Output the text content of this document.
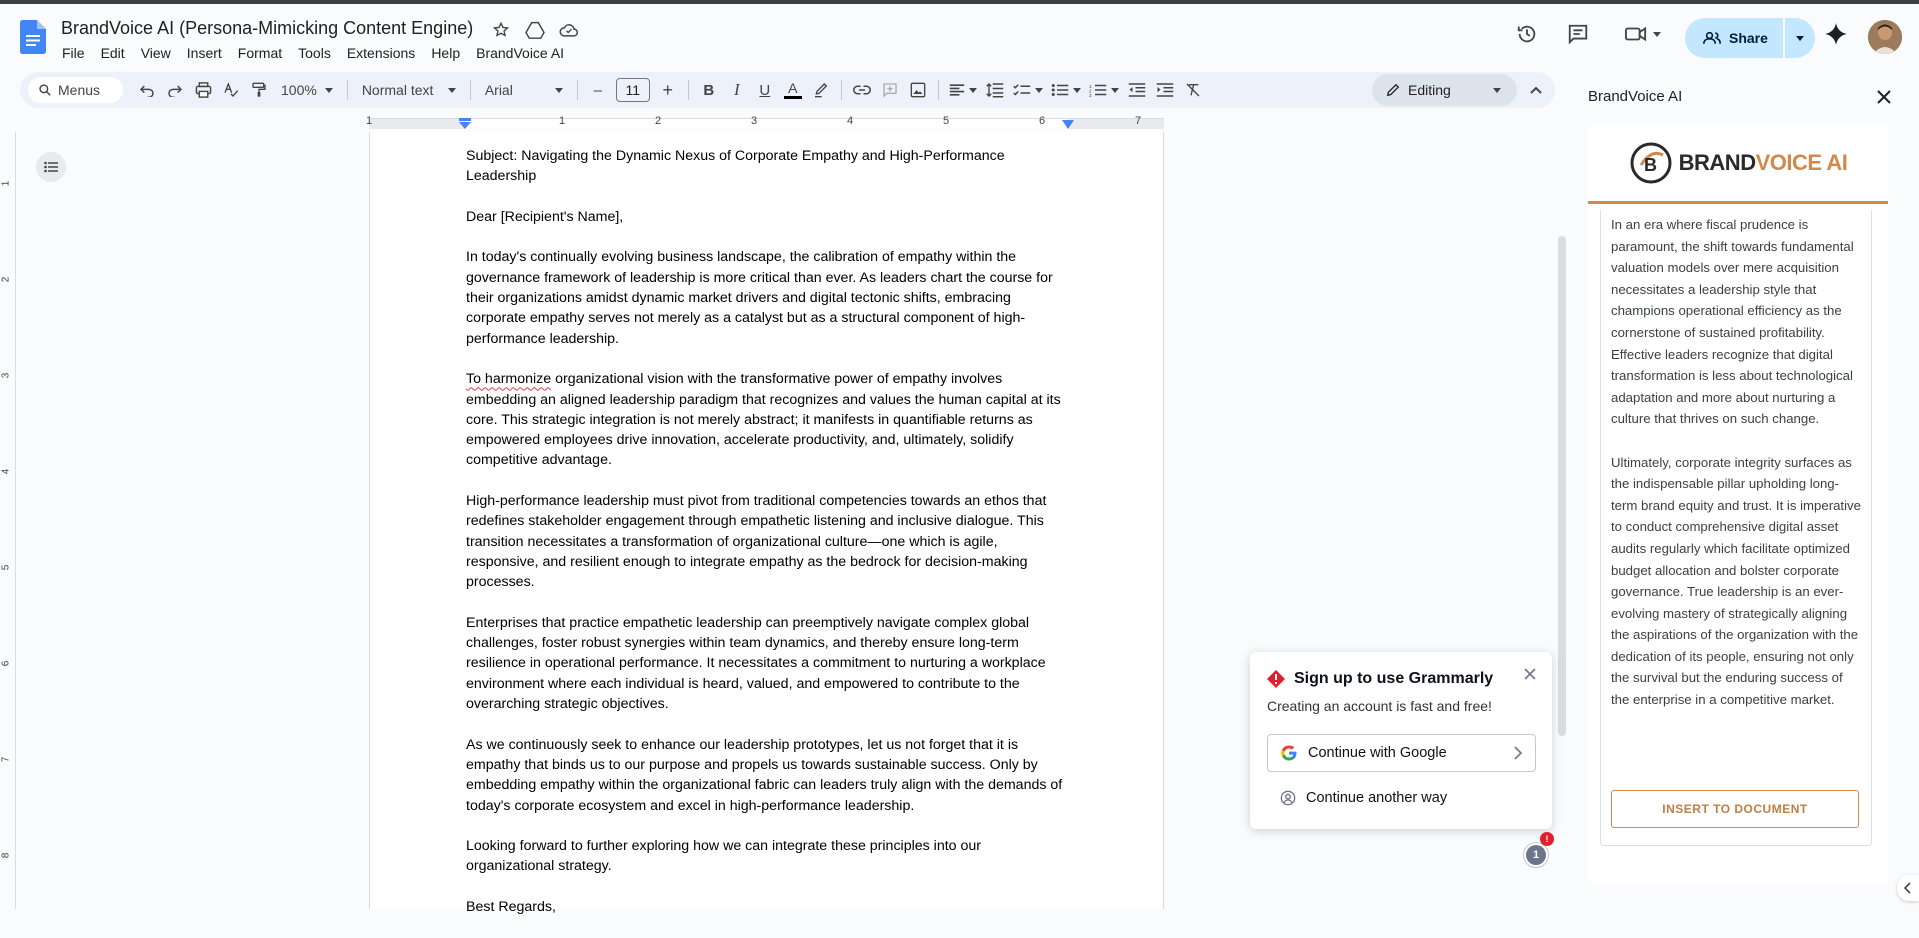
BrandVoice AI (Persona-Mimicking Content Engine)
File	Edit	View	Insert	Format	Tools	Extensions	Help	BrandVoice AI
Share
Menus	100%	Normal text	Arial	–	11	+	B	I	U	A	1
2
3	Editing
1	1	2	3	4	5	6	7
1
2
3
4
5
6
7
8

Subject: Navigating the Dynamic Nexus of Corporate Empathy and High-Performance Leadership

Dear [Recipient's Name],

In today's continually evolving business landscape, the calibration of empathy within the governance framework of leadership is more critical than ever. As leaders chart the course for their organizations amidst dynamic market drivers and digital tectonic shifts, embracing corporate empathy serves not merely as a catalyst but as a structural component of high-performance leadership.

To harmonize organizational vision with the transformative power of empathy involves embedding an aligned leadership paradigm that recognizes and values the human capital at its core. This strategic integration is not merely abstract; it manifests in quantifiable returns as empowered employees drive innovation, accelerate productivity, and, ultimately, solidify competitive advantage.

High-performance leadership must pivot from traditional competencies towards an ethos that redefines stakeholder engagement through empathetic listening and inclusive dialogue. This transition necessitates a transformation of organizational culture—one which is agile, responsive, and resilient enough to integrate empathy as the bedrock for decision-making processes.

Enterprises that practice empathetic leadership can preemptively navigate complex global challenges, foster robust synergies within team dynamics, and thereby ensure long-term resilience in operational performance. It necessitates a commitment to nurturing a workplace environment where each individual is heard, valued, and empowered to contribute to the overarching strategic objectives.

As we continuously seek to enhance our leadership prototypes, let us not forget that it is empathy that binds us to our purpose and propels us towards sustainable success. Only by embedding empathy within the organizational fabric can leaders truly align with the demands of today's corporate ecosystem and excel in high-performance leadership.

Looking forward to further exploring how we can integrate these principles into our organizational strategy.

Best Regards,

Sign up to use Grammarly
Creating an account is fast and free!
Continue with Google
Continue another way
1
!
BrandVoice AI
B BRANDVOICE AI

In an era where fiscal prudence is paramount, the shift towards fundamental valuation models over mere acquisition necessitates a leadership style that champions operational efficiency as the cornerstone of sustained profitability. Effective leaders recognize that digital transformation is less about technological adaptation and more about nurturing a culture that thrives on such change.

Ultimately, corporate integrity surfaces as the indispensable pillar upholding long-term brand equity and trust. It is imperative to conduct comprehensive digital asset audits regularly which facilitate optimized budget allocation and bolster corporate governance. True leadership is an ever-evolving mastery of strategically aligning the aspirations of the organization with the dedication of its people, ensuring not only the survival but the enduring success of the enterprise in a competitive market.

INSERT TO DOCUMENT
